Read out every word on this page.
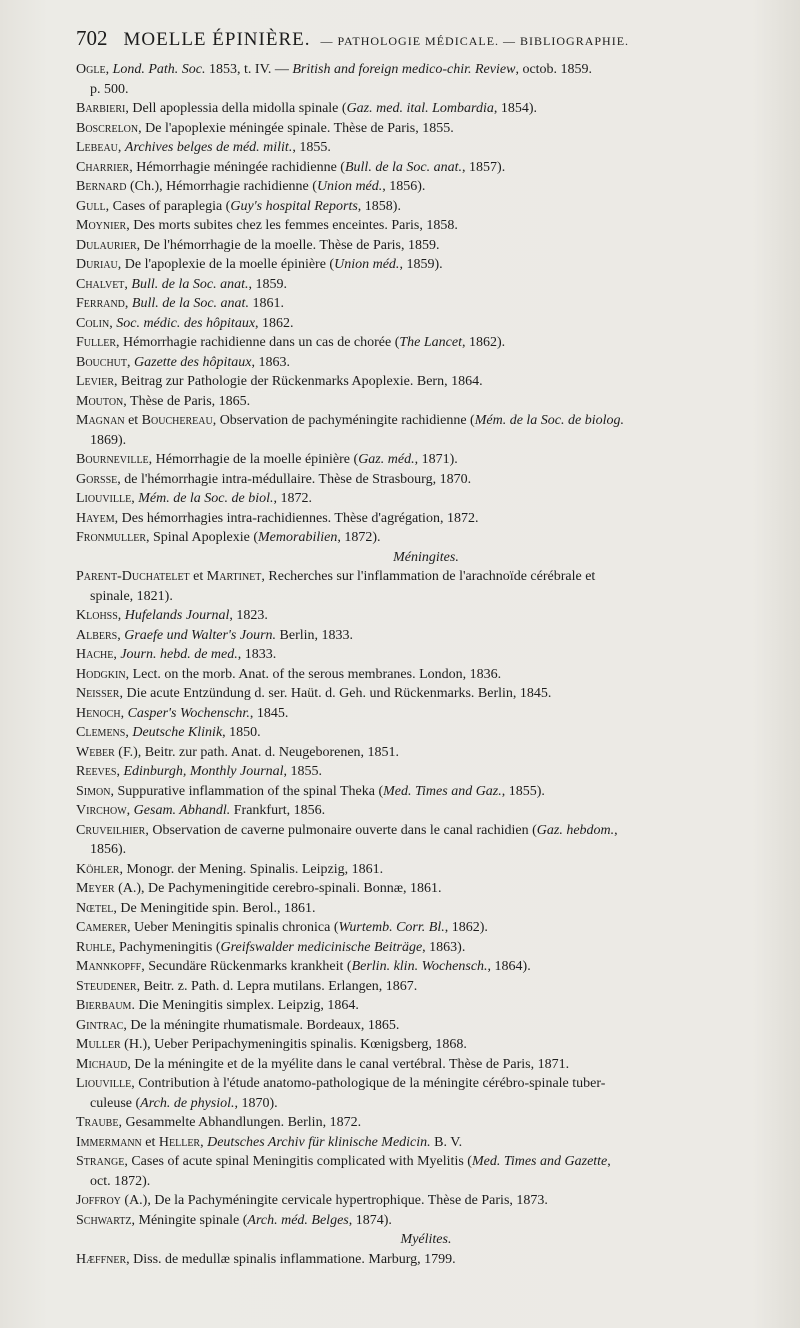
702 MOELLE ÉPINIÈRE. — PATHOLOGIE MÉDICALE. — BIBLIOGRAPHIE.
Ogle, Lond. Path. Soc. 1853, t. IV. — British and foreign medico-chir. Review, octob. 1859.
p. 500.
Barbieri, Dell apoplessia della midolla spinale (Gaz. med. ital. Lombardia, 1854).
Boscrelon, De l'apoplexie méningée spinale. Thèse de Paris, 1855.
Lebeau, Archives belges de méd. milit., 1855.
Charrier, Hémorrhagie méningée rachidienne (Bull. de la Soc. anat., 1857).
Bernard (Ch.), Hémorrhagie rachidienne (Union méd., 1856).
Gull, Cases of paraplegia (Guy's hospital Reports, 1858).
Moynier, Des morts subites chez les femmes enceintes. Paris, 1858.
Dulaurier, De l'hémorrhagie de la moelle. Thèse de Paris, 1859.
Duriau, De l'apoplexie de la moelle épinière (Union méd., 1859).
Chalvet, Bull. de la Soc. anat., 1859.
Ferrand, Bull. de la Soc. anat. 1861.
Colin, Soc. médic. des hôpitaux, 1862.
Fuller, Hémorrhagie rachidienne dans un cas de chorée (The Lancet, 1862).
Bouchut, Gazette des hôpitaux, 1863.
Levier, Beitrag zur Pathologie der Rückenmarks Apoplexie. Bern, 1864.
Mouton, Thèse de Paris, 1865.
Magnan et Bouchereau, Observation de pachyméningite rachidienne (Mém. de la Soc. de biolog.
1869).
Bourneville, Hémorrhagie de la moelle épinière (Gaz. méd., 1871).
Gorsse, de l'hémorrhagie intra-médullaire. Thèse de Strasbourg, 1870.
Liouville, Mém. de la Soc. de biol., 1872.
Hayem, Des hémorrhagies intra-rachidiennes. Thèse d'agrégation, 1872.
Fronmuller, Spinal Apoplexie (Memorabilien, 1872).
Méningites.
Parent-Duchatelet et Martinet, Recherches sur l'inflammation de l'arachnoïde cérébrale et
spinale, 1821).
Klohss, Hufelands Journal, 1823.
Albers, Graefe und Walter's Journ. Berlin, 1833.
Hache, Journ. hebd. de med., 1833.
Hodgkin, Lect. on the morb. Anat. of the serous membranes. London, 1836.
Neisser, Die acute Entzündung d. ser. Haüt. d. Geh. und Rückenmarks. Berlin, 1845.
Henoch, Casper's Wochenschr., 1845.
Clemens, Deutsche Klinik, 1850.
Weber (F.), Beitr. zur path. Anat. d. Neugeborenen, 1851.
Reeves, Edinburgh, Monthly Journal, 1855.
Simon, Suppurative inflammation of the spinal Theka (Med. Times and Gaz., 1855).
Virchow, Gesam. Abhandl. Frankfurt, 1856.
Cruveilhier, Observation de caverne pulmonaire ouverte dans le canal rachidien (Gaz. hebdom.,
1856).
Köhler, Monogr. der Mening. Spinalis. Leipzig, 1861.
Meyer (A.), De Pachymeningitide cerebro-spinali. Bonnæ, 1861.
Nœtel, De Meningitide spin. Berol., 1861.
Camerer, Ueber Meningitis spinalis chronica (Wurtemb. Corr. Bl., 1862).
Ruhle, Pachymeningitis (Greifswalder medicinische Beiträge, 1863).
Mannkopff, Secundäre Rückenmarks krankheit (Berlin. klin. Wochensch., 1864).
Steudener, Beitr. z. Path. d. Lepra mutilans. Erlangen, 1867.
Bierbaum. Die Meningitis simplex. Leipzig, 1864.
Gintrac, De la méningite rhumatismale. Bordeaux, 1865.
Muller (H.), Ueber Peripachymeningitis spinalis. Kœnigsberg, 1868.
Michaud, De la méningite et de la myélite dans le canal vertébral. Thèse de Paris, 1871.
Liouville, Contribution à l'étude anatomo-pathologique de la méningite cérébro-spinale tuber-
culeuse (Arch. de physiol., 1870).
Traube, Gesammelte Abhandlungen. Berlin, 1872.
Immermann et Heller, Deutsches Archiv für klinische Medicin. B. V.
Strange, Cases of acute spinal Meningitis complicated with Myelitis (Med. Times and Gazette,
oct. 1872).
Joffroy (A.), De la Pachyméningite cervicale hypertrophique. Thèse de Paris, 1873.
Schwartz, Méningite spinale (Arch. méd. Belges, 1874).
Myélites.
Hæffner, Diss. de medullæ spinalis inflammatione. Marburg, 1799.
